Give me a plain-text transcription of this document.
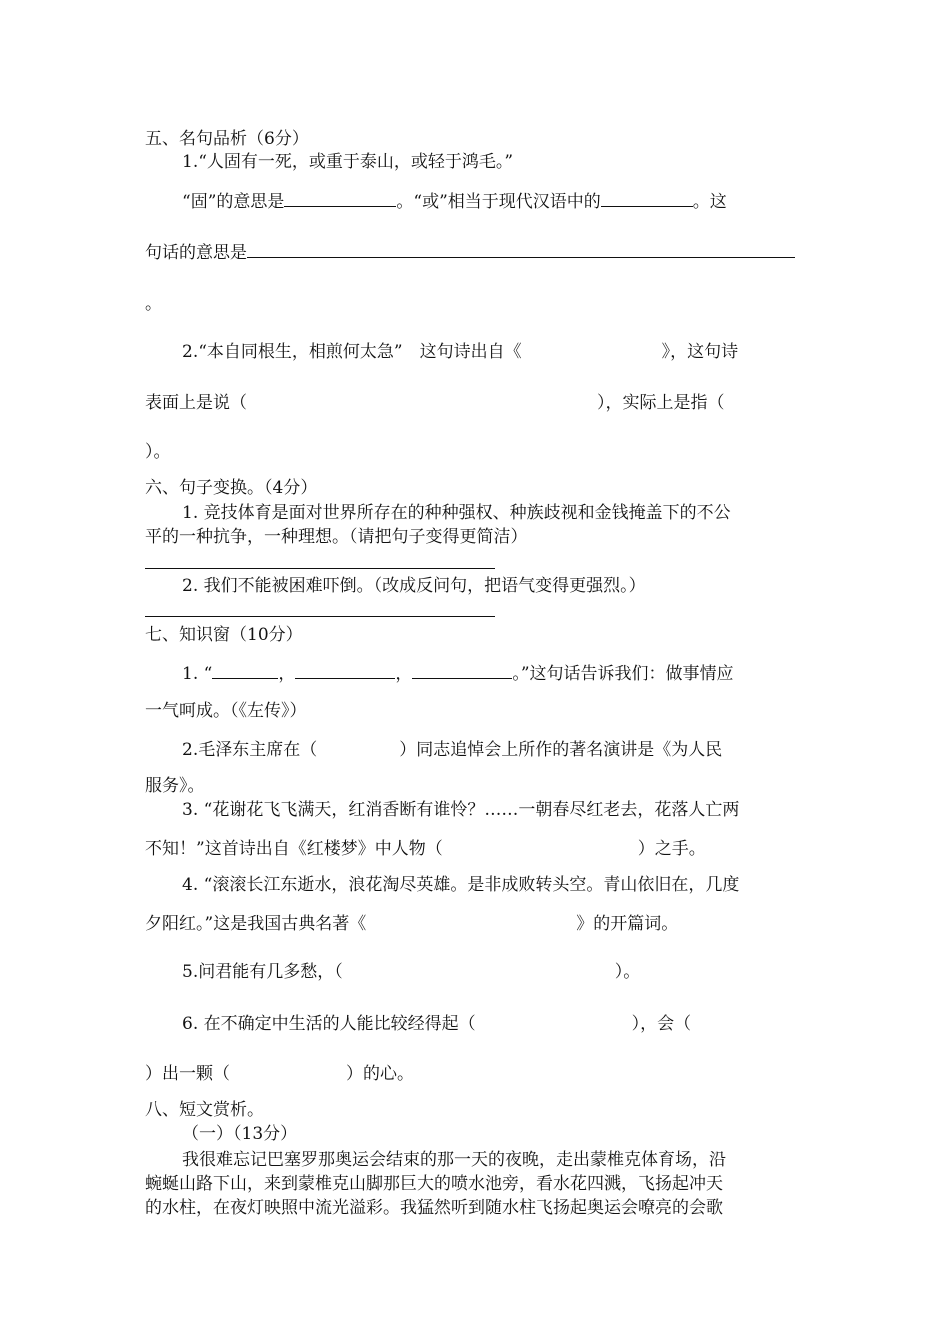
五、名句品析（6分）
1.“人固有一死，或重于泰山，或轻于鸿毛。”
“固”的意思是	。“或”相当于现代汉语中的	。这
句话的意思是
。
2.“本自同根生，相煎何太急”　这句诗出自《	》，这句诗
表面上是说（	），实际上是指（
）。
六、句子变换。（4分）
1. 竞技体育是面对世界所存在的种种强权、种族歧视和金钱掩盖下的不公
平的一种抗争，一种理想。（请把句子变得更简洁）
2. 我们不能被困难吓倒。（改成反问句，把语气变得更强烈。）
七、知识窗（10分）
1. “	，	，	。”这句话告诉我们：做事情应
一气呵成。（《左传》）
2.毛泽东主席在（	）同志追悼会上所作的著名演讲是《为人民
服务》。
3. “花谢花飞飞满天，红消香断有谁怜？……一朝春尽红老去，花落人亡两
不知！”这首诗出自《红楼梦》中人物（	）之手。
4. “滚滚长江东逝水，浪花淘尽英雄。是非成败转头空。青山依旧在，几度
夕阳红。”这是我国古典名著《	》的开篇词。
5.问君能有几多愁，（	）。
6. 在不确定中生活的人能比较经得起（	），会（
）出一颗（	）的心。
八、短文赏析。
（一）（13分）
我很难忘记巴塞罗那奥运会结束的那一天的夜晚，走出蒙椎克体育场，沿
蜿蜒山路下山，来到蒙椎克山脚那巨大的喷水池旁，看水花四溅，飞扬起冲天
的水柱，在夜灯映照中流光溢彩。我猛然听到随水柱飞扬起奥运会嘹亮的会歌
